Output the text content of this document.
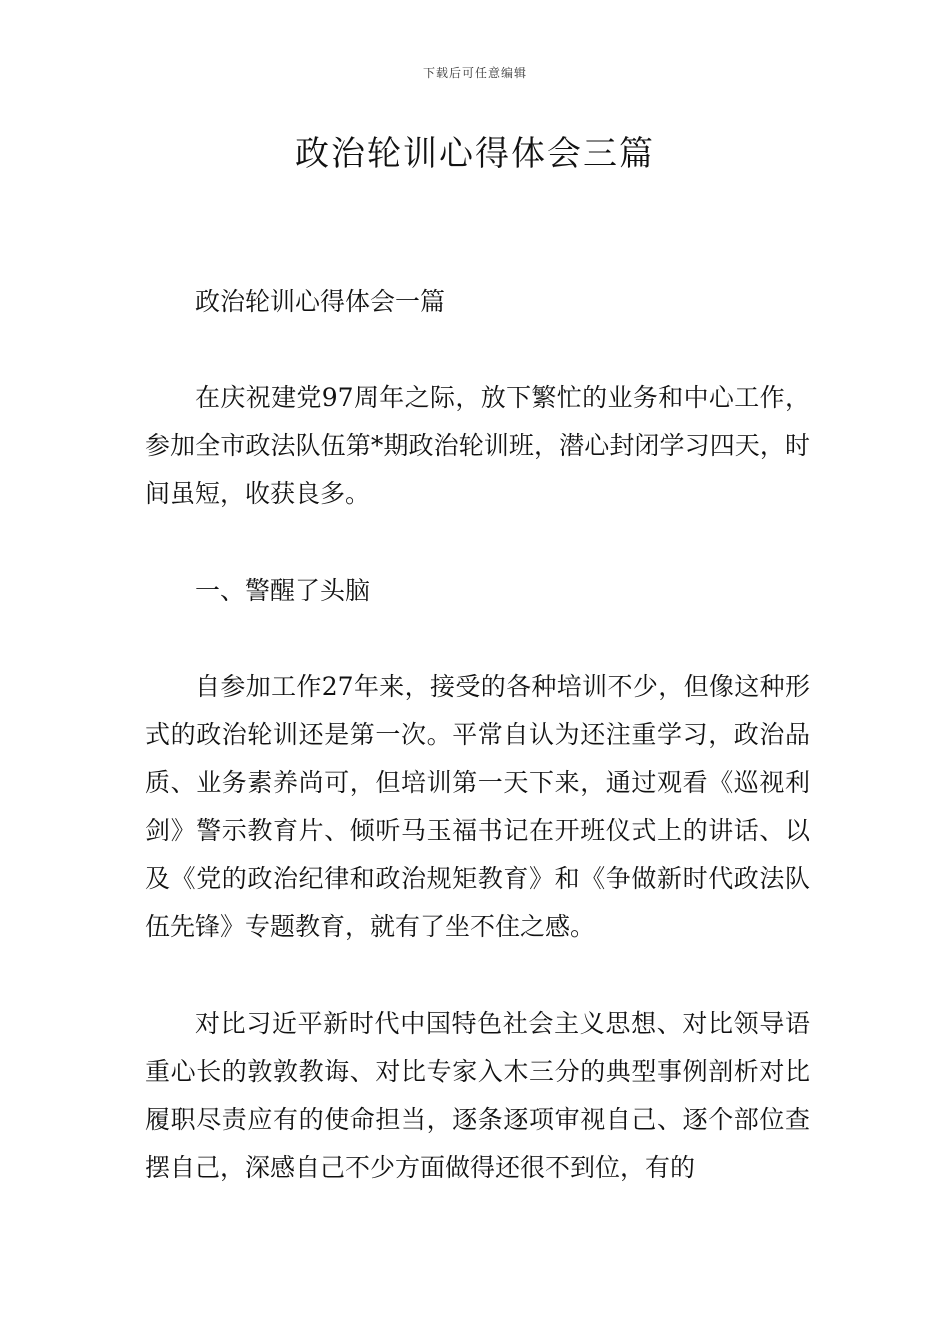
下载后可任意编辑
政治轮训心得体会三篇

政治轮训心得体会一篇

在庆祝建党97周年之际，放下繁忙的业务和中心工作，参加全市政法队伍第*期政治轮训班，潜心封闭学习四天，时间虽短，收获良多。

一、警醒了头脑

自参加工作27年来，接受的各种培训不少，但像这种形式的政治轮训还是第一次。平常自认为还注重学习，政治品质、业务素养尚可，但培训第一天下来，通过观看《巡视利剑》警示教育片、倾听马玉福书记在开班仪式上的讲话、以及《党的政治纪律和政治规矩教育》和《争做新时代政法队伍先锋》专题教育，就有了坐不住之感。

对比习近平新时代中国特色社会主义思想、对比领导语重心长的敦敦教诲、对比专家入木三分的典型事例剖析对比履职尽责应有的使命担当，逐条逐项审视自己、逐个部位查摆自己，深感自己不少方面做得还很不到位，有的
